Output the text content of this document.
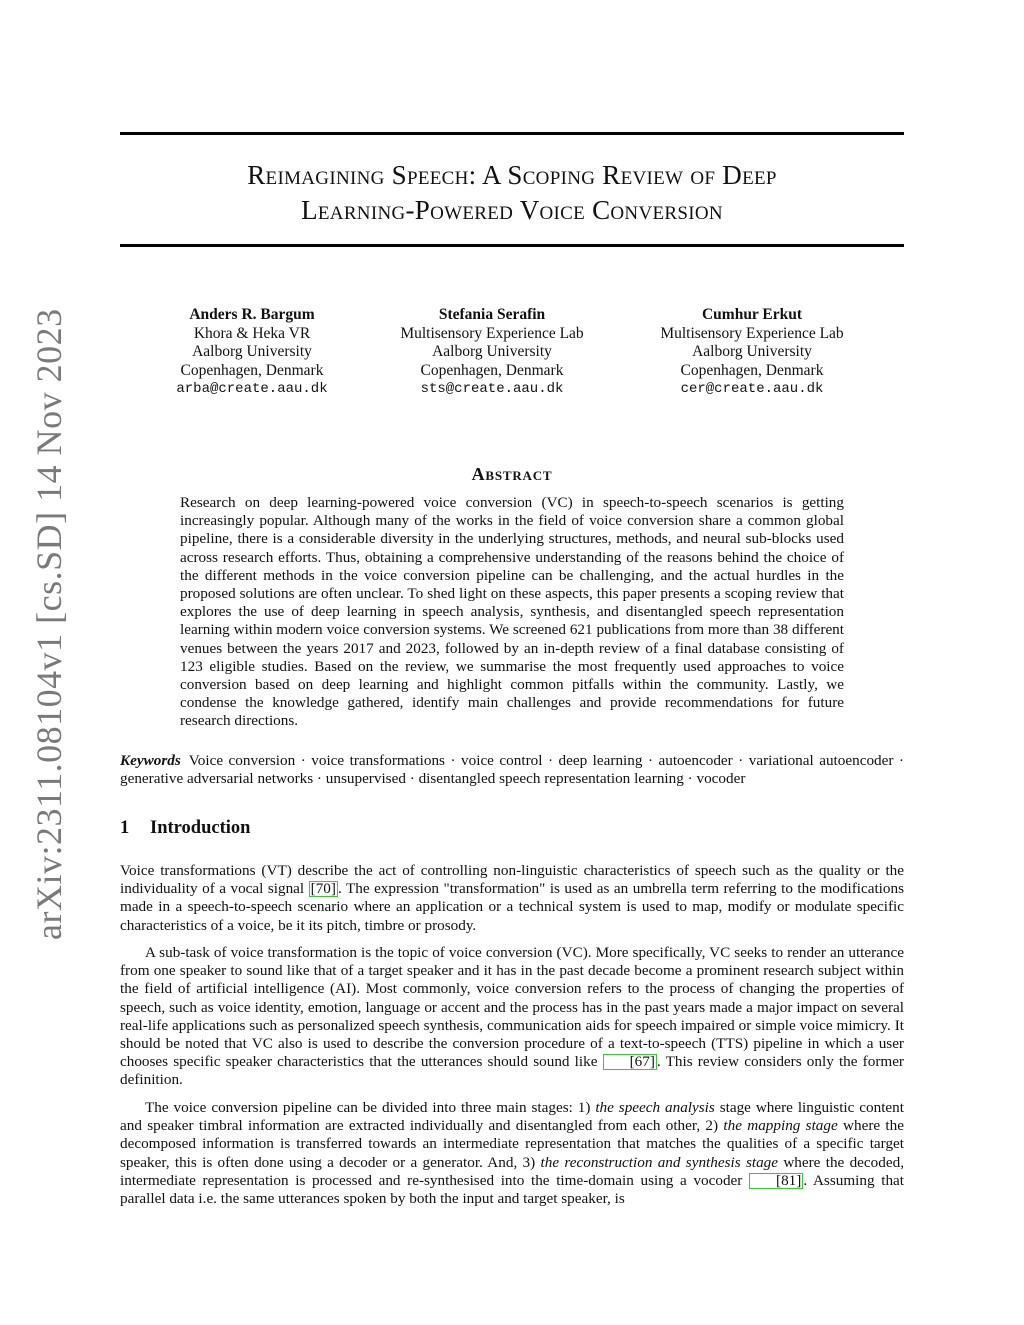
arXiv:2311.08104v1 [cs.SD] 14 Nov 2023
Reimagining Speech: A Scoping Review of Deep
Learning-Powered Voice Conversion
Anders R. Bargum
Khora & Heka VR
Aalborg University
Copenhagen, Denmark
arba@create.aau.dk
Stefania Serafin
Multisensory Experience Lab
Aalborg University
Copenhagen, Denmark
sts@create.aau.dk
Cumhur Erkut
Multisensory Experience Lab
Aalborg University
Copenhagen, Denmark
cer@create.aau.dk
Abstract
Research on deep learning-powered voice conversion (VC) in speech-to-speech scenarios is getting increasingly popular. Although many of the works in the field of voice conversion share a common global pipeline, there is a considerable diversity in the underlying structures, methods, and neural sub-blocks used across research efforts. Thus, obtaining a comprehensive understanding of the reasons behind the choice of the different methods in the voice conversion pipeline can be challenging, and the actual hurdles in the proposed solutions are often unclear. To shed light on these aspects, this paper presents a scoping review that explores the use of deep learning in speech analysis, synthesis, and disentangled speech representation learning within modern voice conversion systems. We screened 621 publications from more than 38 different venues between the years 2017 and 2023, followed by an in-depth review of a final database consisting of 123 eligible studies. Based on the review, we summarise the most frequently used approaches to voice conversion based on deep learning and highlight common pitfalls within the community. Lastly, we condense the knowledge gathered, identify main challenges and provide recommendations for future research directions.
Keywords Voice conversion · voice transformations · voice control · deep learning · autoencoder · variational autoencoder · generative adversarial networks · unsupervised · disentangled speech representation learning · vocoder
1 Introduction

Voice transformations (VT) describe the act of controlling non-linguistic characteristics of speech such as the quality or the individuality of a vocal signal [70] . The expression "transformation" is used as an umbrella term referring to the modifications made in a speech-to-speech scenario where an application or a technical system is used to map, modify or modulate specific characteristics of a voice, be it its pitch, timbre or prosody.

A sub-task of voice transformation is the topic of voice conversion (VC). More specifically, VC seeks to render an utterance from one speaker to sound like that of a target speaker and it has in the past decade become a prominent research subject within the field of artificial intelligence (AI). Most commonly, voice conversion refers to the process of changing the properties of speech, such as voice identity, emotion, language or accent and the process has in the past years made a major impact on several real-life applications such as personalized speech synthesis, communication aids for speech impaired or simple voice mimicry. It should be noted that VC also is used to describe the conversion procedure of a text-to-speech (TTS) pipeline in which a user chooses specific speaker characteristics that the utterances should sound like [67] . This review considers only the former definition.

The voice conversion pipeline can be divided into three main stages: 1) the speech analysis stage where linguistic content and speaker timbral information are extracted individually and disentangled from each other, 2) the mapping stage where the decomposed information is transferred towards an intermediate representation that matches the qualities of a specific target speaker, this is often done using a decoder or a generator. And, 3) the reconstruction and synthesis stage where the decoded, intermediate representation is processed and re-synthesised into the time-domain using a vocoder [81] . Assuming that parallel data i.e. the same utterances spoken by both the input and target speaker, is
